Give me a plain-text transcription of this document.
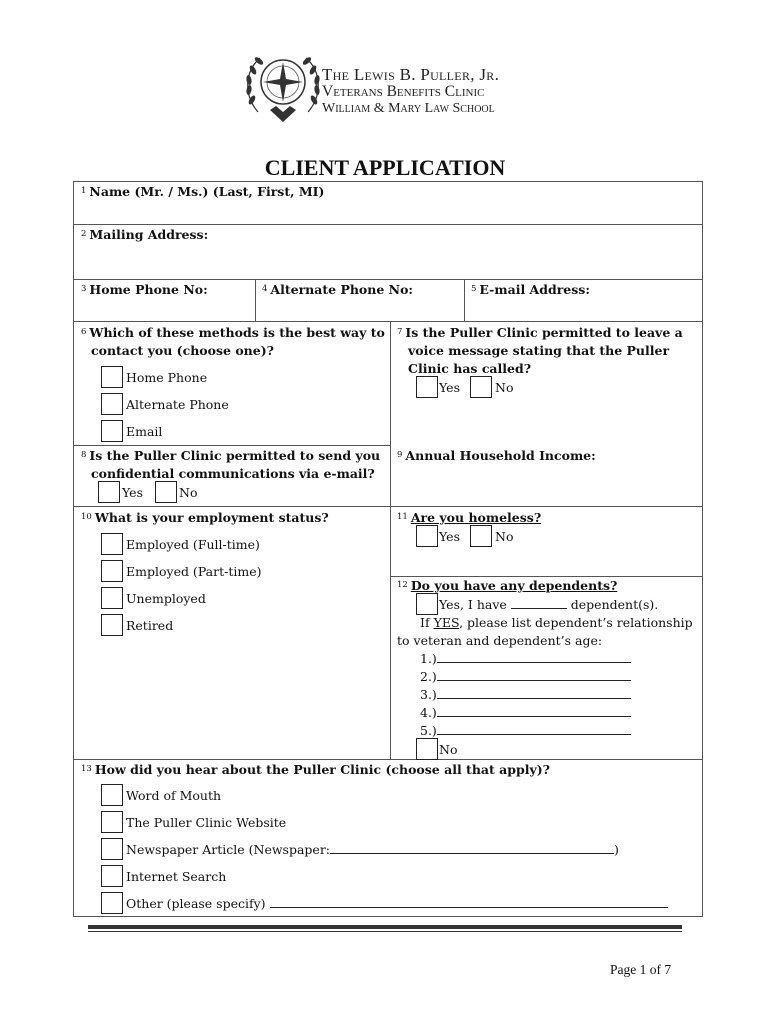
The Lewis B. Puller, Jr.
Veterans Benefits Clinic
William & Mary Law School
CLIENT APPLICATION
$^1$ Name (Mr. / Ms.) (Last, First, MI)
$^2$ Mailing Address:
$^3$ Home Phone No:	$^4$ Alternate Phone No:	$^5$ E-mail Address:
$^6$ Which of these methods is the best way to
contact you (choose one)?
Home Phone
Alternate Phone
Email
$^7$ Is the Puller Clinic permitted to leave a
voice message stating that the Puller
Clinic has called?
Yes	No
$^8$ Is the Puller Clinic permitted to send you
confidential communications via e-mail?
Yes	No
$^9$ Annual Household Income:
$^{10}$ What is your employment status?
Employed (Full-time)
Employed (Part-time)
Unemployed
Retired
$^{11}$ Are you homeless?
Yes	No
$^{12}$ Do you have any dependents?
Yes, I have	dependent(s).
If YES, please list dependent’s relationship
to veteran and dependent’s age:
1.)
2.)
3.)
4.)
5.)
No
$^{13}$ How did you hear about the Puller Clinic (choose all that apply)?
Word of Mouth
The Puller Clinic Website
Newspaper Article (Newspaper:	)
Internet Search
Other (please specify)
Page 1 of 7
